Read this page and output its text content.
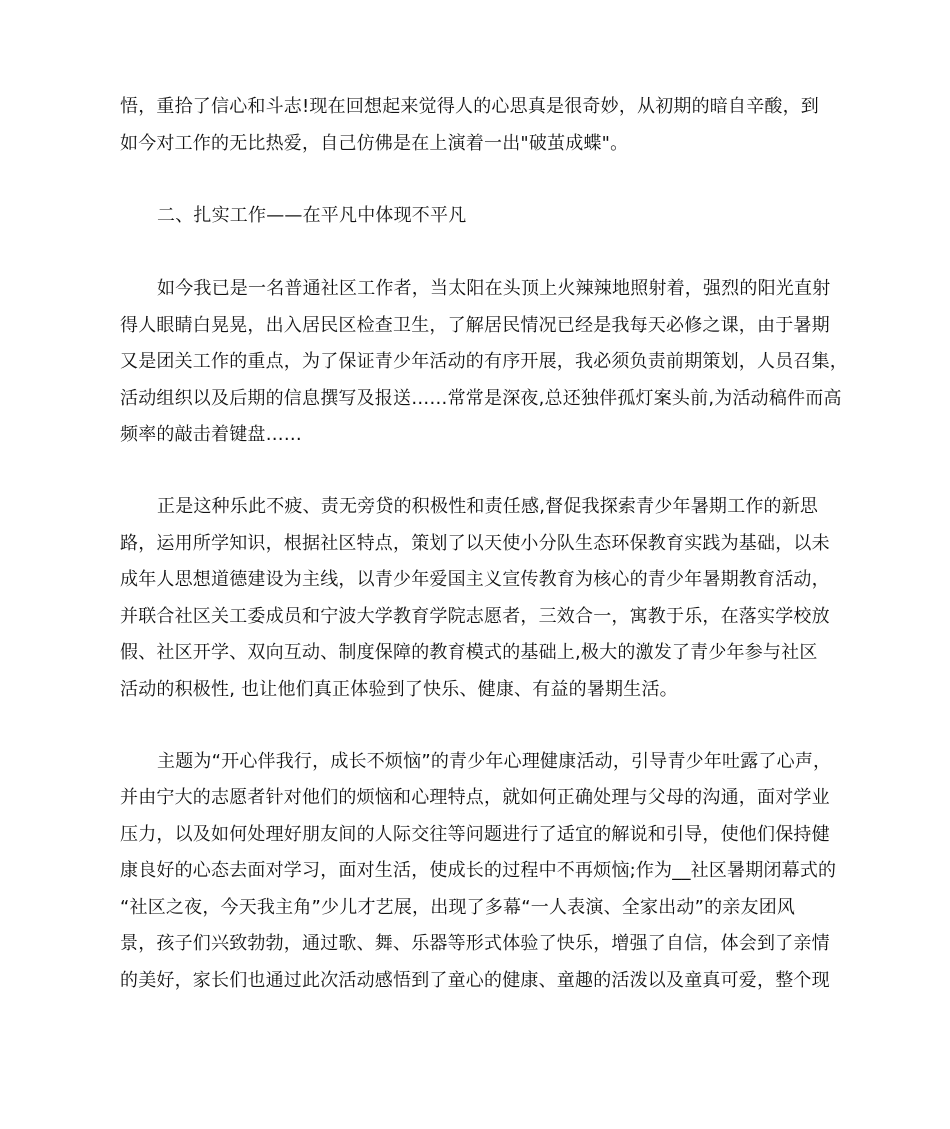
悟，重拾了信心和斗志!现在回想起来觉得人的心思真是很奇妙，从初期的暗自辛酸，到
如今对工作的无比热爱，自己仿佛是在上演着一出"破茧成蝶"。
二、扎实工作——在平凡中体现不平凡
如今我已是一名普通社区工作者，当太阳在头顶上火辣辣地照射着，强烈的阳光直射
得人眼睛白晃晃，出入居民区检查卫生，了解居民情况已经是我每天必修之课，由于暑期
又是团关工作的重点，为了保证青少年活动的有序开展，我必须负责前期策划，人员召集，
活动组织以及后期的信息撰写及报送……常常是深夜,总还独伴孤灯案头前,为活动稿件而高
频率的敲击着键盘……
正是这种乐此不疲、责无旁贷的积极性和责任感,督促我探索青少年暑期工作的新思
路，运用所学知识，根据社区特点，策划了以天使小分队生态环保教育实践为基础，以未
成年人思想道德建设为主线，以青少年爱国主义宣传教育为核心的青少年暑期教育活动，
并联合社区关工委成员和宁波大学教育学院志愿者，三效合一，寓教于乐，在落实学校放
假、社区开学、双向互动、制度保障的教育模式的基础上,极大的激发了青少年参与社区
活动的积极性, 也让他们真正体验到了快乐、健康、有益的暑期生活。
主题为“开心伴我行，成长不烦恼”的青少年心理健康活动，引导青少年吐露了心声，
并由宁大的志愿者针对他们的烦恼和心理特点，就如何正确处理与父母的沟通，面对学业
压力，以及如何处理好朋友间的人际交往等问题进行了适宜的解说和引导，使他们保持健
康良好的心态去面对学习，面对生活，使成长的过程中不再烦恼;作为__社区暑期闭幕式的
“社区之夜，今天我主角”少儿才艺展，出现了多幕“一人表演、全家出动”的亲友团风
景，孩子们兴致勃勃，通过歌、舞、乐器等形式体验了快乐，增强了自信，体会到了亲情
的美好，家长们也通过此次活动感悟到了童心的健康、童趣的活泼以及童真可爱，整个现
